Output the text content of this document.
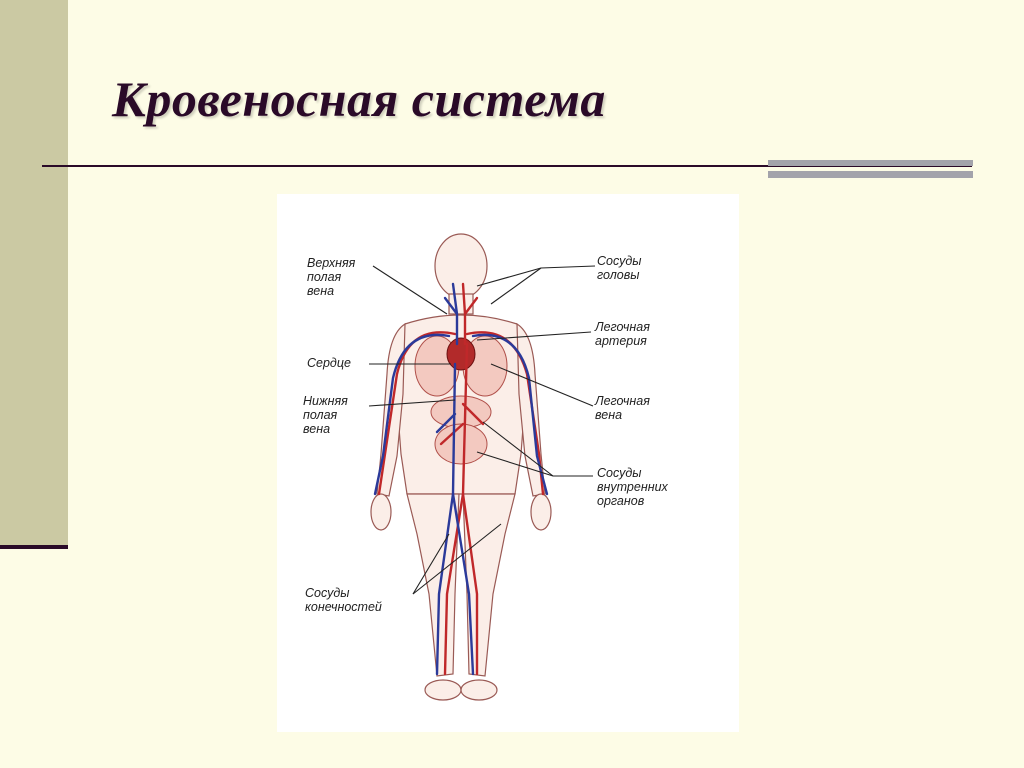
Кровеносная система
Верхняя
полая
вена
Сердце
Нижняя
полая
вена
Сосуды
конечностей
Сосуды
головы
Легочная
артерия
Легочная
вена
Сосуды
внутренних
органов
